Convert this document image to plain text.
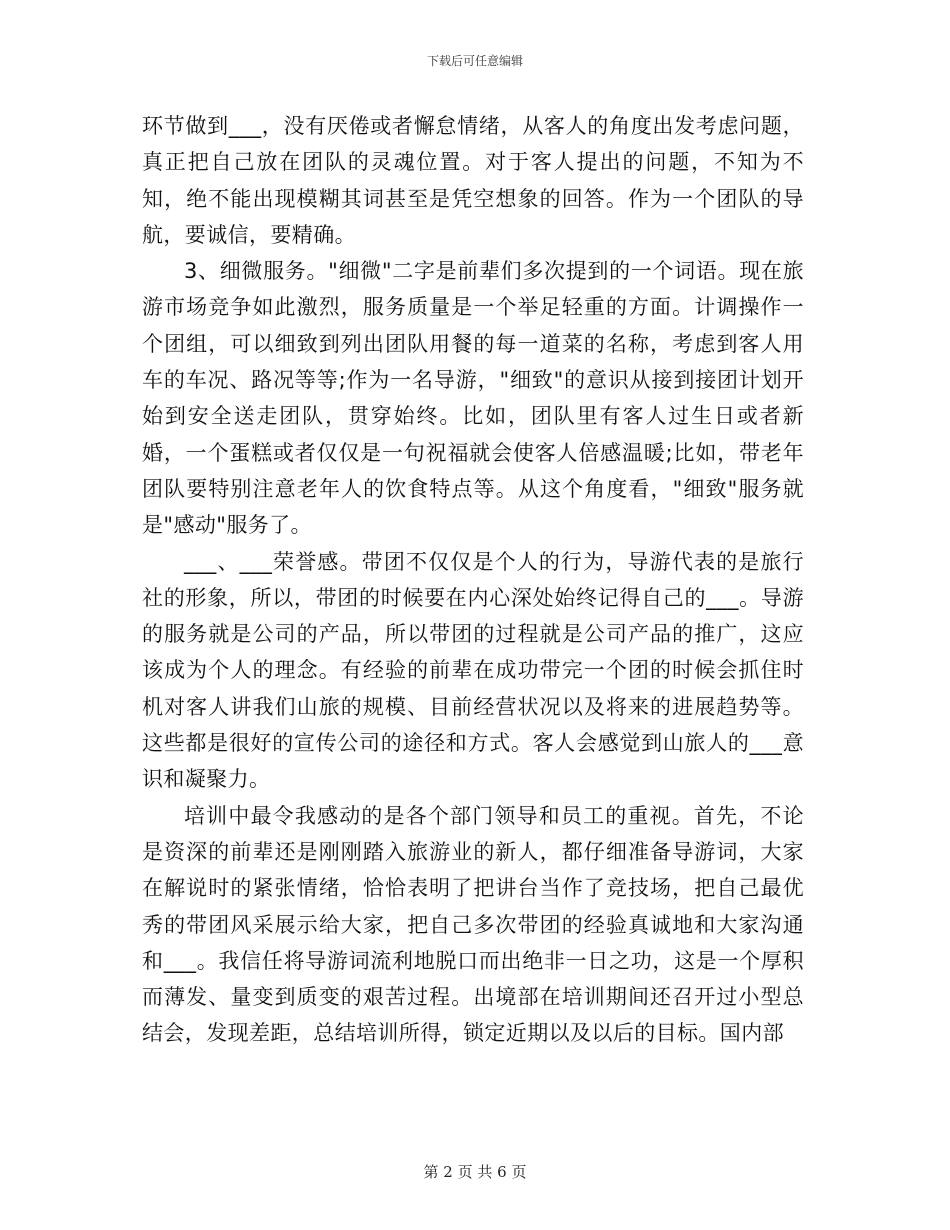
下载后可任意编辑

环节做到___，没有厌倦或者懈怠情绪，从客人的角度出发考虑问题，真正把自己放在团队的灵魂位置。对于客人提出的问题，不知为不知，绝不能出现模糊其词甚至是凭空想象的回答。作为一个团队的导航，要诚信，要精确。

3、细微服务。"细微"二字是前辈们多次提到的一个词语。现在旅游市场竞争如此激烈，服务质量是一个举足轻重的方面。计调操作一个团组，可以细致到列出团队用餐的每一道菜的名称，考虑到客人用车的车况、路况等等;作为一名导游，"细致"的意识从接到接团计划开始到安全送走团队，贯穿始终。比如，团队里有客人过生日或者新婚，一个蛋糕或者仅仅是一句祝福就会使客人倍感温暖;比如，带老年团队要特别注意老年人的饮食特点等。从这个角度看，"细致"服务就是"感动"服务了。

___、___荣誉感。带团不仅仅是个人的行为，导游代表的是旅行社的形象，所以，带团的时候要在内心深处始终记得自己的___。导游的服务就是公司的产品，所以带团的过程就是公司产品的推广，这应该成为个人的理念。有经验的前辈在成功带完一个团的时候会抓住时机对客人讲我们山旅的规模、目前经营状况以及将来的进展趋势等。这些都是很好的宣传公司的途径和方式。客人会感觉到山旅人的___意识和凝聚力。

培训中最令我感动的是各个部门领导和员工的重视。首先，不论是资深的前辈还是刚刚踏入旅游业的新人，都仔细准备导游词，大家在解说时的紧张情绪，恰恰表明了把讲台当作了竞技场，把自己最优秀的带团风采展示给大家，把自己多次带团的经验真诚地和大家沟通和___。我信任将导游词流利地脱口而出绝非一日之功，这是一个厚积而薄发、量变到质变的艰苦过程。出境部在培训期间还召开过小型总结会，发现差距，总结培训所得，锁定近期以及以后的目标。国内部

第 2 页 共 6 页
